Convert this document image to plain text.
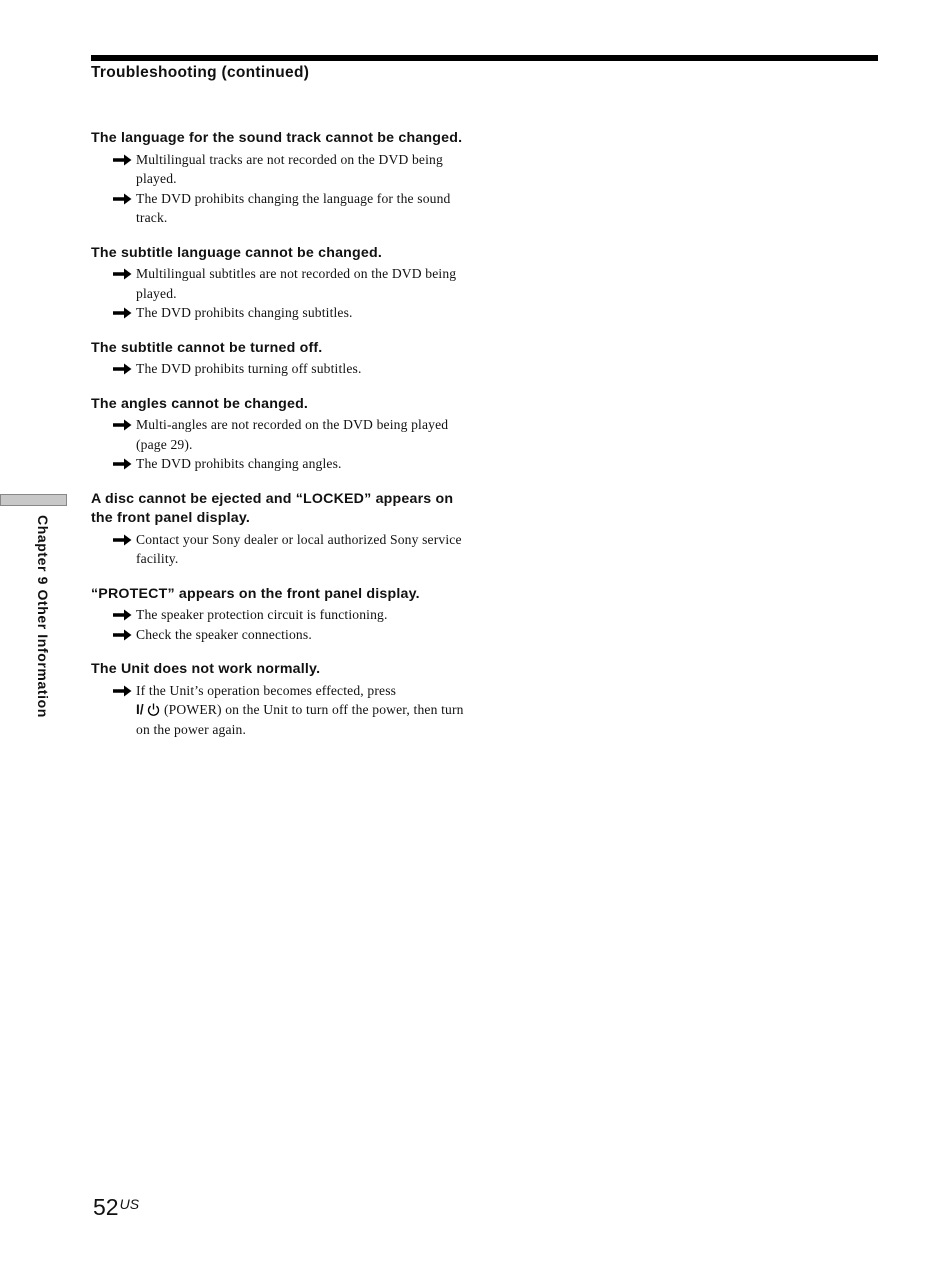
Troubleshooting (continued)
Chapter 9 Other Information
The language for the sound track cannot be changed.
Multilingual tracks are not recorded on the DVD being played.
The DVD prohibits changing the language for the sound track.
The subtitle language cannot be changed.
Multilingual subtitles are not recorded on the DVD being played.
The DVD prohibits changing subtitles.
The subtitle cannot be turned off.
The DVD prohibits turning off subtitles.
The angles cannot be changed.
Multi-angles are not recorded on the DVD being played (page 29).
The DVD prohibits changing angles.
A disc cannot be ejected and “LOCKED” appears on the front panel display.
Contact your Sony dealer or local authorized Sony service facility.
“PROTECT” appears on the front panel display.
The speaker protection circuit is functioning.
Check the speaker connections.
The Unit does not work normally.
If the Unit’s operation becomes effected, press
I/ (POWER) on the Unit to turn off the power, then turn on the power again.
$52^{US}$
